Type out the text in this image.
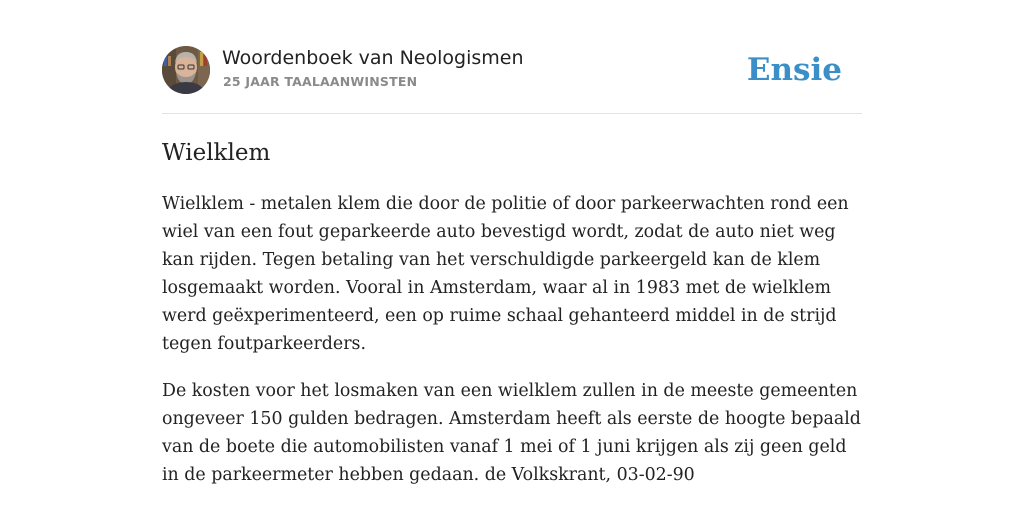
Woordenboek van Neologismen
25 JAAR TAALAANWINSTEN	Ensie
Wielklem

Wielklem - metalen klem die door de politie of door parkeerwachten rond een wiel van een fout geparkeerde auto bevestigd wordt, zodat de auto niet weg kan rijden. Tegen betaling van het verschuldigde parkeergeld kan de klem losgemaakt worden. Vooral in Amsterdam, waar al in 1983 met de wielklem werd geëxperimenteerd, een op ruime schaal gehanteerd middel in de strijd tegen foutparkeerders.

De kosten voor het losmaken van een wielklem zullen in de meeste gemeenten ongeveer 150 gulden bedragen. Amsterdam heeft als eerste de hoogte bepaald van de boete die automobilisten vanaf 1 mei of 1 juni krijgen als zij geen geld in de parkeermeter hebben gedaan. de Volkskrant, 03-02-90
